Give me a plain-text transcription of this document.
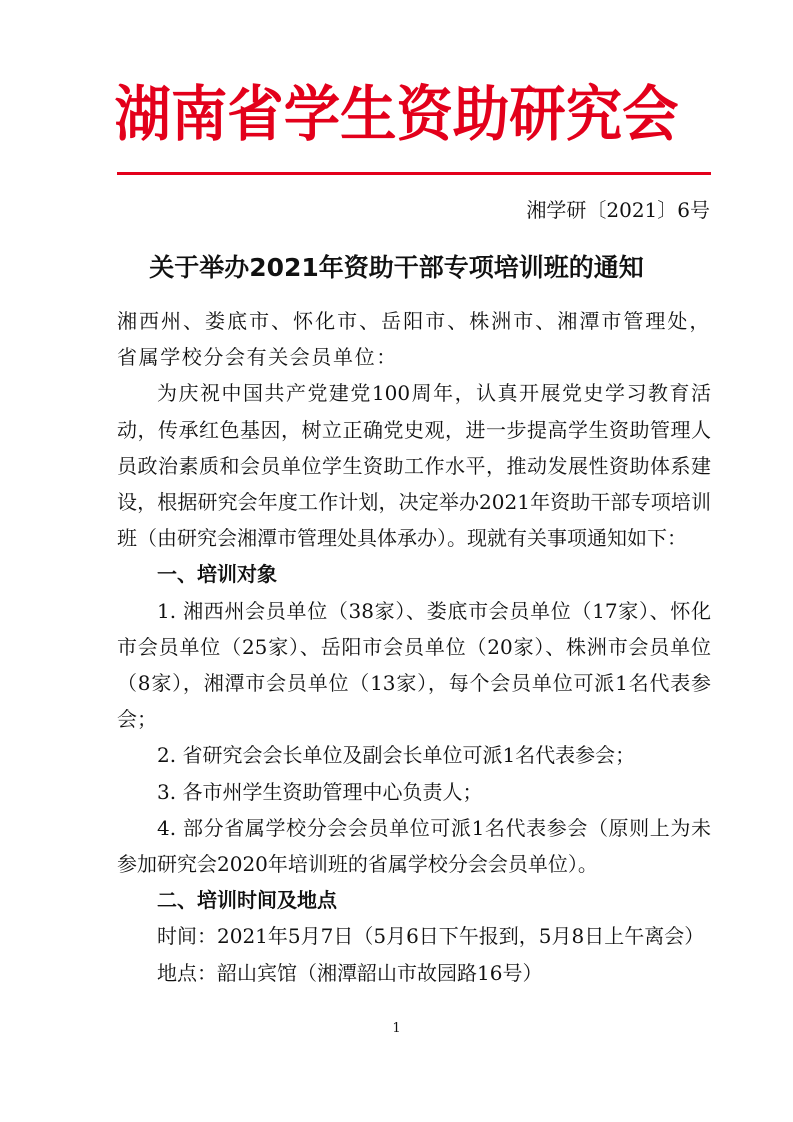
湖南省学生资助研究会
湘学研〔2021〕6号
关于举办2021年资助干部专项培训班的通知

湘西州、娄底市、怀化市、岳阳市、株洲市、湘潭市管理处，省属学校分会有关会员单位：

为庆祝中国共产党建党100周年，认真开展党史学习教育活动，传承红色基因，树立正确党史观，进一步提高学生资助管理人员政治素质和会员单位学生资助工作水平，推动发展性资助体系建设，根据研究会年度工作计划，决定举办2021年资助干部专项培训班（由研究会湘潭市管理处具体承办）。现就有关事项通知如下：

一、培训对象

1. 湘西州会员单位（38家）、娄底市会员单位（17家）、怀化市会员单位（25家）、岳阳市会员单位（20家）、株洲市会员单位（8家），湘潭市会员单位（13家），每个会员单位可派1名代表参会；

2. 省研究会会长单位及副会长单位可派1名代表参会；

3. 各市州学生资助管理中心负责人；

4. 部分省属学校分会会员单位可派1名代表参会（原则上为未参加研究会2020年培训班的省属学校分会会员单位）。

二、培训时间及地点

时间：2021年5月7日（5月6日下午报到，5月8日上午离会）

地点：韶山宾馆（湘潭韶山市故园路16号）

1
